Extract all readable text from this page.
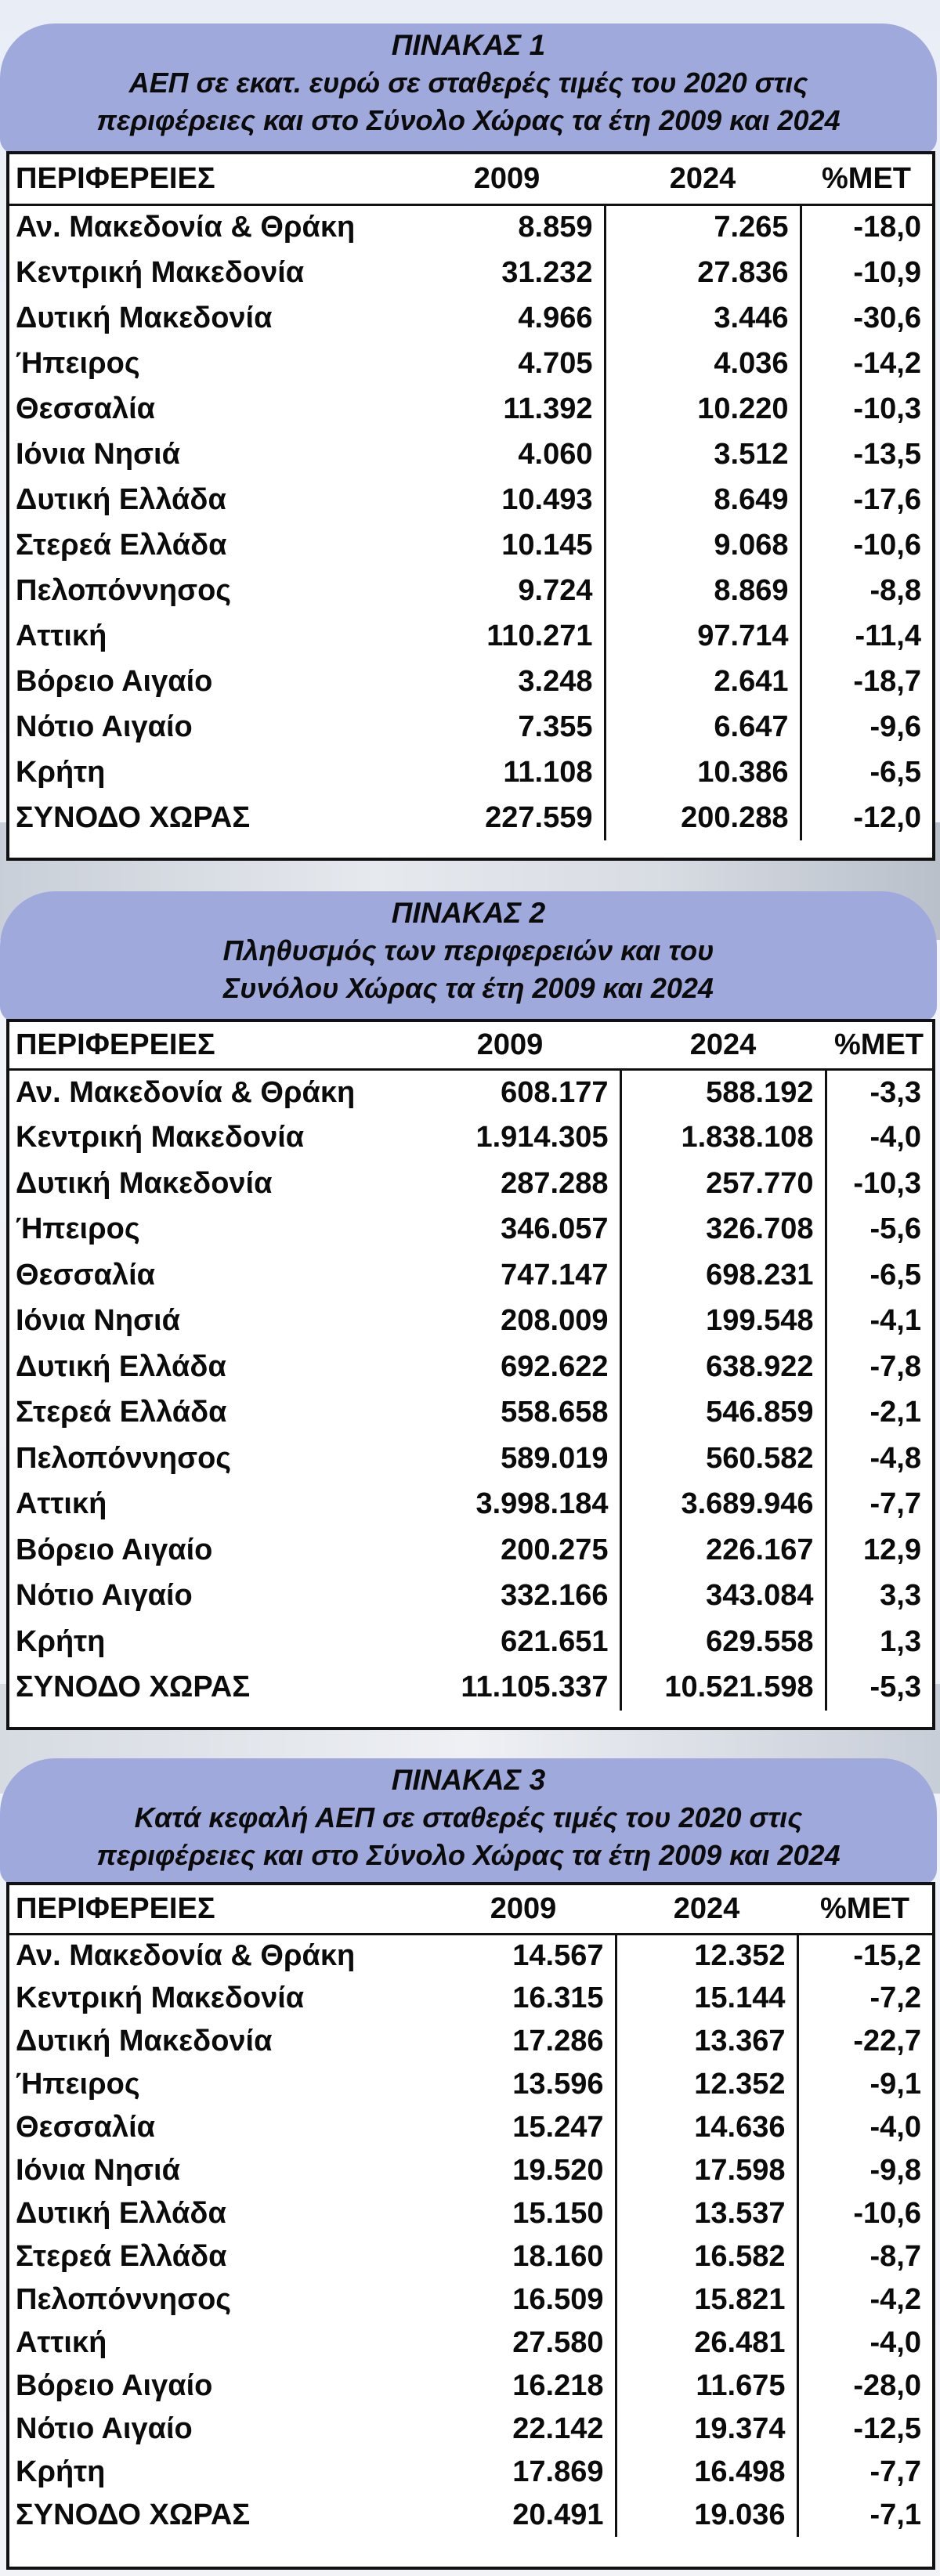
ΠΙΝΑΚΑΣ 1
ΑΕΠ σε εκατ. ευρώ σε σταθερές τιμές του 2020 στις
περιφέρειες και στο Σύνολο Χώρας τα έτη 2009 και 2024
ΠΕΡΙΦΕΡΕΙΕΣ	2009	2024	%ΜΕΤ
Αν. Μακεδονία & Θράκη	8.859	7.265	-18,0
Κεντρική Μακεδονία	31.232	27.836	-10,9
Δυτική Μακεδονία	4.966	3.446	-30,6
Ήπειρος	4.705	4.036	-14,2
Θεσσαλία	11.392	10.220	-10,3
Ιόνια Νησιά	4.060	3.512	-13,5
Δυτική Ελλάδα	10.493	8.649	-17,6
Στερεά Ελλάδα	10.145	9.068	-10,6
Πελοπόννησος	9.724	8.869	-8,8
Αττική	110.271	97.714	-11,4
Βόρειο Αιγαίο	3.248	2.641	-18,7
Νότιο Αιγαίο	7.355	6.647	-9,6
Κρήτη	11.108	10.386	-6,5
ΣΥΝΟΔΟ ΧΩΡΑΣ	227.559	200.288	-12,0
ΠΙΝΑΚΑΣ 2
Πληθυσμός των περιφερειών και του
Συνόλου Χώρας τα έτη 2009 και 2024
ΠΕΡΙΦΕΡΕΙΕΣ	2009	2024	%ΜΕΤ
Αν. Μακεδονία & Θράκη	608.177	588.192	-3,3
Κεντρική Μακεδονία	1.914.305	1.838.108	-4,0
Δυτική Μακεδονία	287.288	257.770	-10,3
Ήπειρος	346.057	326.708	-5,6
Θεσσαλία	747.147	698.231	-6,5
Ιόνια Νησιά	208.009	199.548	-4,1
Δυτική Ελλάδα	692.622	638.922	-7,8
Στερεά Ελλάδα	558.658	546.859	-2,1
Πελοπόννησος	589.019	560.582	-4,8
Αττική	3.998.184	3.689.946	-7,7
Βόρειο Αιγαίο	200.275	226.167	12,9
Νότιο Αιγαίο	332.166	343.084	3,3
Κρήτη	621.651	629.558	1,3
ΣΥΝΟΔΟ ΧΩΡΑΣ	11.105.337	10.521.598	-5,3
ΠΙΝΑΚΑΣ 3
Κατά κεφαλή ΑΕΠ σε σταθερές τιμές του 2020 στις
περιφέρειες και στο Σύνολο Χώρας τα έτη 2009 και 2024
ΠΕΡΙΦΕΡΕΙΕΣ	2009	2024	%ΜΕΤ
Αν. Μακεδονία & Θράκη	14.567	12.352	-15,2
Κεντρική Μακεδονία	16.315	15.144	-7,2
Δυτική Μακεδονία	17.286	13.367	-22,7
Ήπειρος	13.596	12.352	-9,1
Θεσσαλία	15.247	14.636	-4,0
Ιόνια Νησιά	19.520	17.598	-9,8
Δυτική Ελλάδα	15.150	13.537	-10,6
Στερεά Ελλάδα	18.160	16.582	-8,7
Πελοπόννησος	16.509	15.821	-4,2
Αττική	27.580	26.481	-4,0
Βόρειο Αιγαίο	16.218	11.675	-28,0
Νότιο Αιγαίο	22.142	19.374	-12,5
Κρήτη	17.869	16.498	-7,7
ΣΥΝΟΔΟ ΧΩΡΑΣ	20.491	19.036	-7,1
